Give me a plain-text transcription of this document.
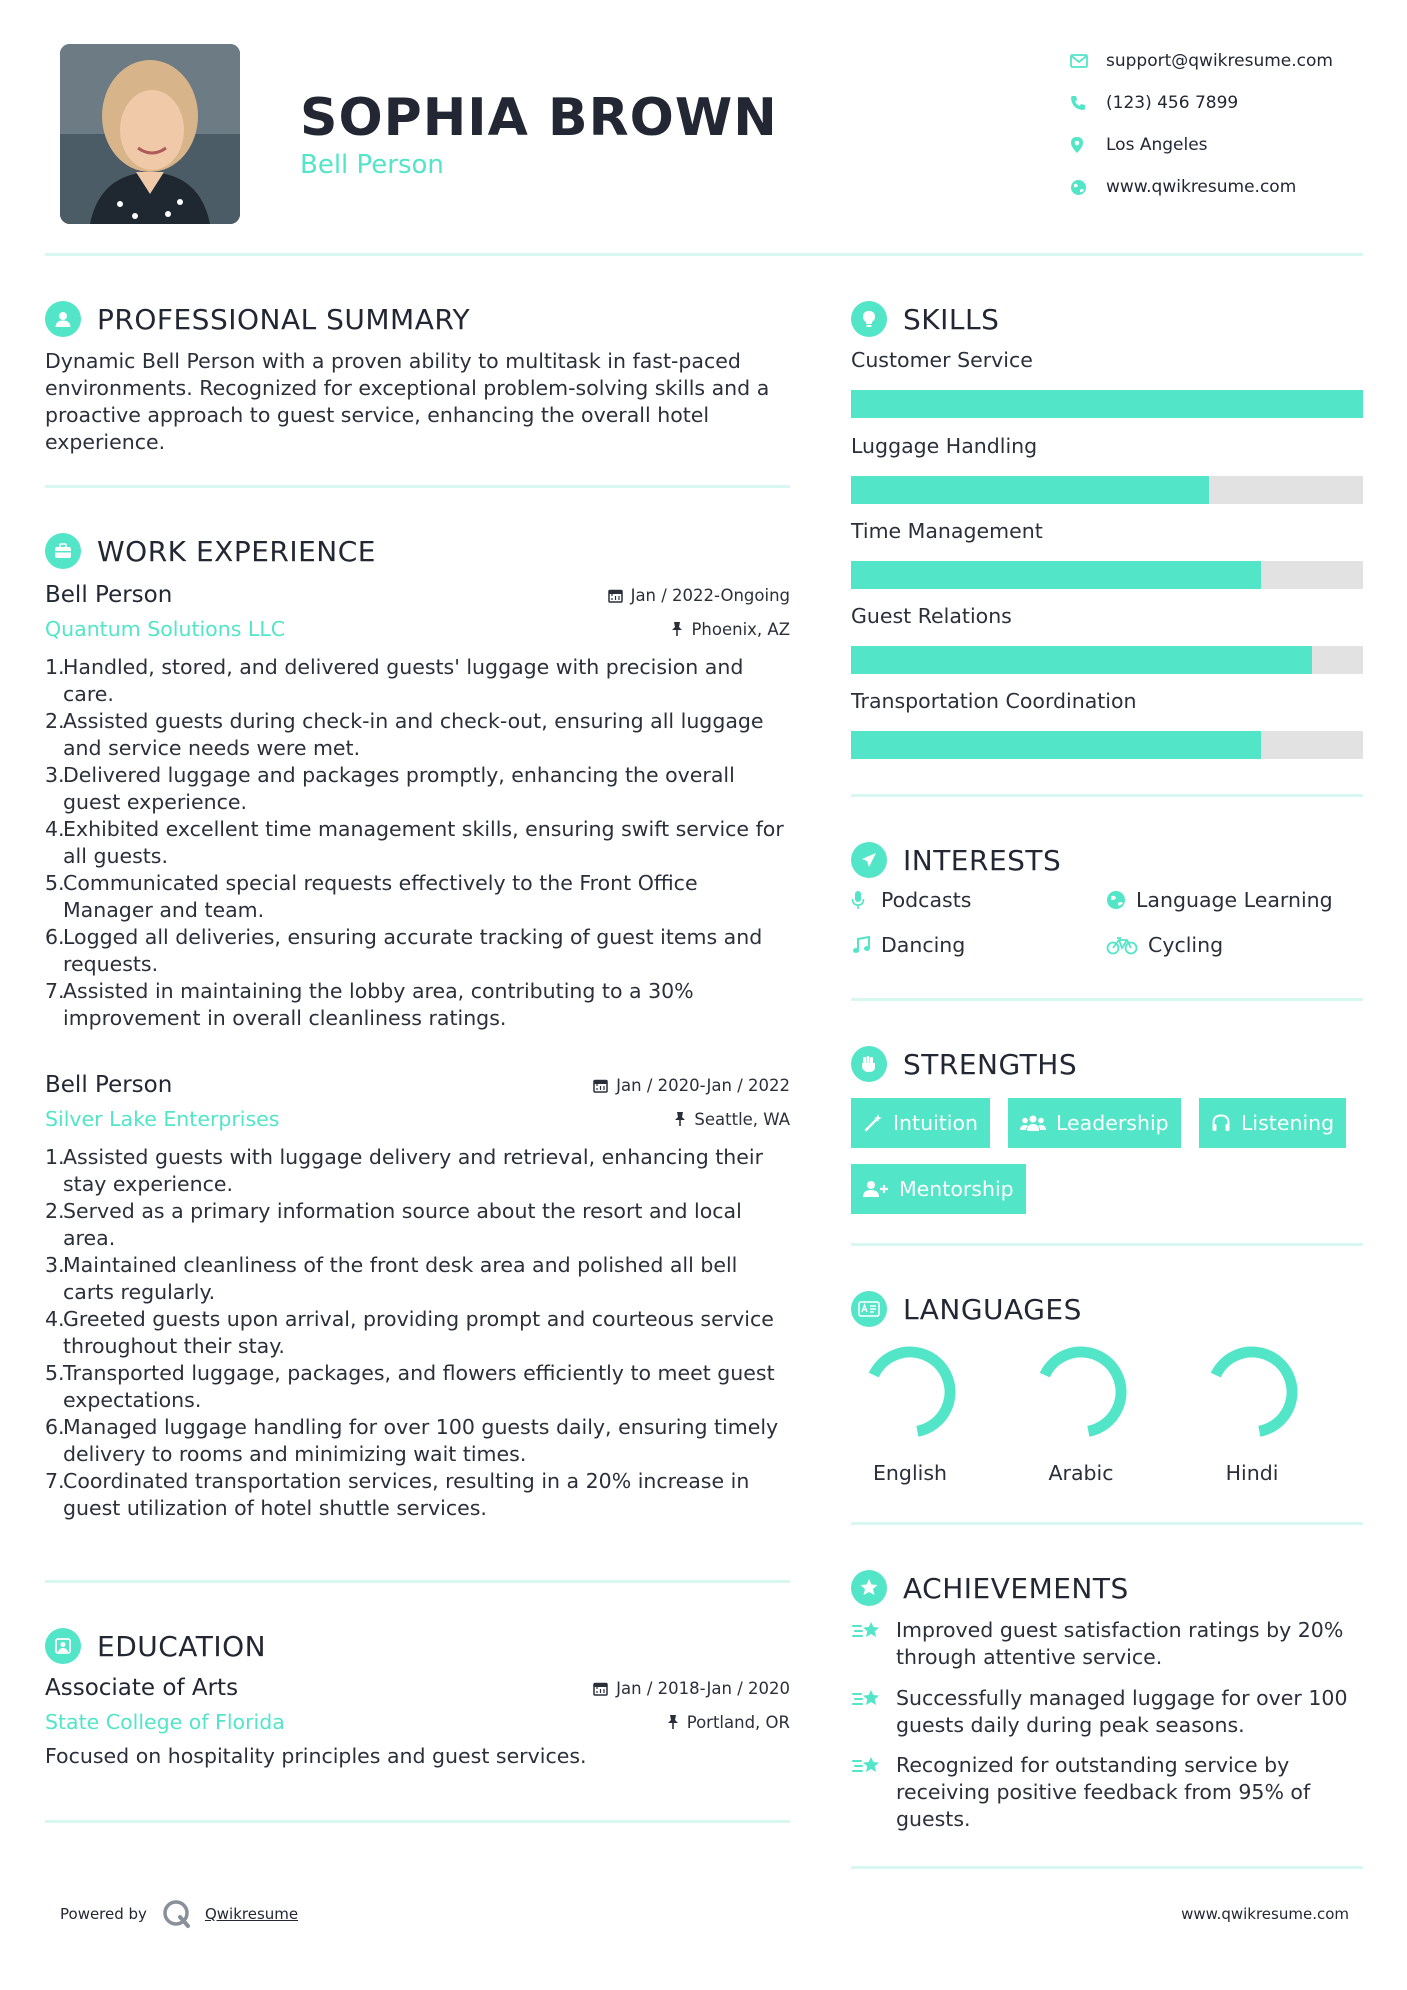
SOPHIA BROWN
Bell Person
support@qwikresume.com
(123) 456 7899
Los Angeles
www.qwikresume.com
PROFESSIONAL SUMMARY
Dynamic Bell Person with a proven ability to multitask in fast-paced
environments. Recognized for exceptional problem-solving skills and a
proactive approach to guest service, enhancing the overall hotel
experience.
WORK EXPERIENCE
Bell Person	Jan / 2022-Ongoing
Quantum Solutions LLC	Phoenix, AZ
1.
Handled, stored, and delivered guests' luggage with precision and
care.
2.
Assisted guests during check-in and check-out, ensuring all luggage
and service needs were met.
3.
Delivered luggage and packages promptly, enhancing the overall
guest experience.
4.
Exhibited excellent time management skills, ensuring swift service for
all guests.
5.
Communicated special requests effectively to the Front Office
Manager and team.
6.
Logged all deliveries, ensuring accurate tracking of guest items and
requests.
7.
Assisted in maintaining the lobby area, contributing to a 30%
improvement in overall cleanliness ratings.
Bell Person	Jan / 2020-Jan / 2022
Silver Lake Enterprises	Seattle, WA
1.
Assisted guests with luggage delivery and retrieval, enhancing their
stay experience.
2.
Served as a primary information source about the resort and local
area.
3.
Maintained cleanliness of the front desk area and polished all bell
carts regularly.
4.
Greeted guests upon arrival, providing prompt and courteous service
throughout their stay.
5.
Transported luggage, packages, and flowers efficiently to meet guest
expectations.
6.
Managed luggage handling for over 100 guests daily, ensuring timely
delivery to rooms and minimizing wait times.
7.
Coordinated transportation services, resulting in a 20% increase in
guest utilization of hotel shuttle services.
EDUCATION
Associate of Arts	Jan / 2018-Jan / 2020
State College of Florida	Portland, OR
Focused on hospitality principles and guest services.
SKILLS
Customer Service
Luggage Handling
Time Management
Guest Relations
Transportation Coordination
INTERESTS
Podcasts	Language Learning
Dancing	Cycling
STRENGTHS
Intuition	Leadership	Listening
Mentorship
LANGUAGES
English	Arabic	Hindi
ACHIEVEMENTS
Improved guest satisfaction ratings by 20%
through attentive service.
Successfully managed luggage for over 100
guests daily during peak seasons.
Recognized for outstanding service by
receiving positive feedback from 95% of
guests.
Powered by	Qwikresume	www.qwikresume.com
